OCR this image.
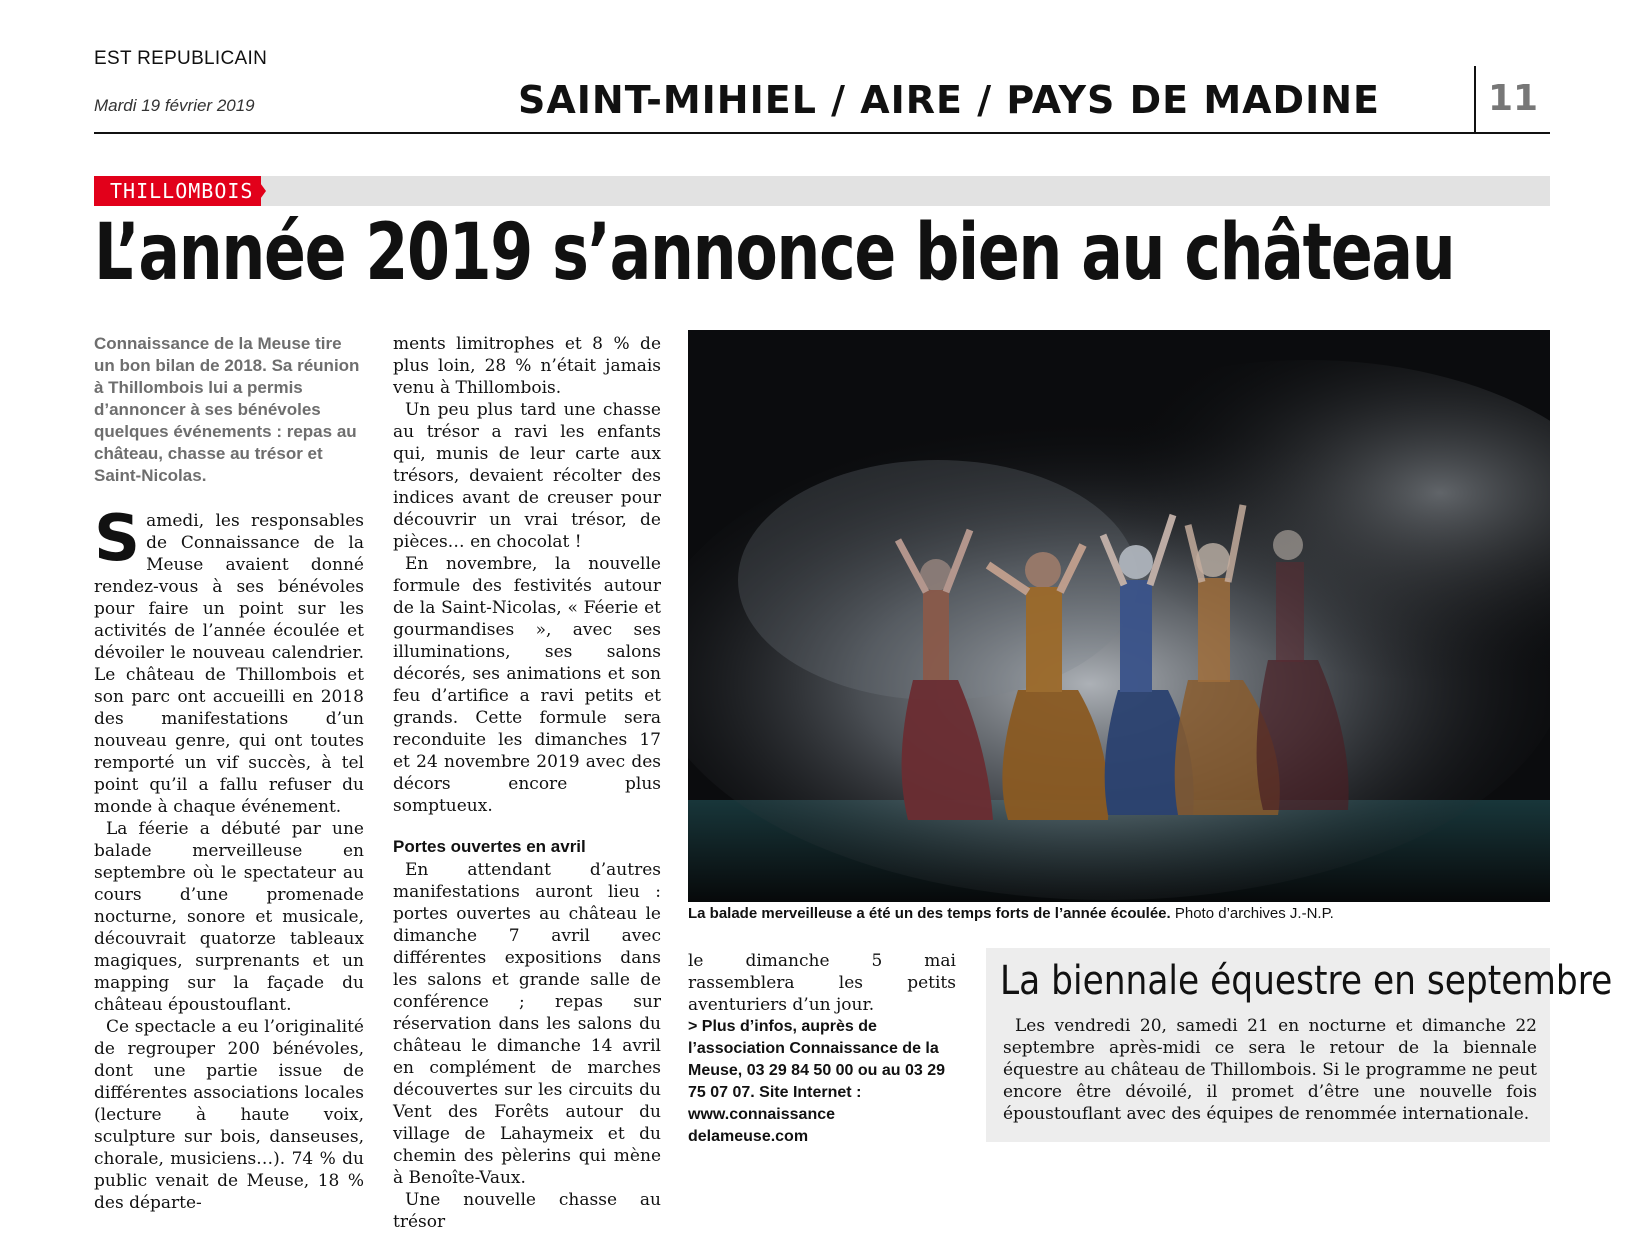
EST REPUBLICAIN
Mardi 19 février 2019	SAINT-MIHIEL / AIRE / PAYS DE MADINE	11
THILLOMBOIS
L’année 2019 s’annonce bien au château
Connaissance de la Meuse tire un bon bilan de 2018. Sa réunion à Thillombois lui a permis d’annoncer à ses bénévoles quelques événements : repas au château, chasse au trésor et Saint-Nicolas.

Samedi, les responsables de Connaissance de la Meuse avaient donné rendez-vous à ses bénévoles pour faire un point sur les activités de l’année écoulée et dévoiler le nouveau calendrier. Le château de Thillombois et son parc ont accueilli en 2018 des manifestations d’un nouveau genre, qui ont toutes remporté un vif succès, à tel point qu’il a fallu refuser du monde à chaque événement.

La féerie a débuté par une balade merveilleuse en septembre où le spectateur au cours d’une promenade nocturne, sonore et musicale, découvrait quatorze tableaux magiques, surprenants et un mapping sur la façade du château époustouflant.

Ce spectacle a eu l’originalité de regrouper 200 bénévoles, dont une partie issue de différentes associations locales (lecture à haute voix, sculpture sur bois, danseuses, chorale, musiciens…). 74 % du public venait de Meuse, 18 % des départe-

ments limitrophes et 8 % de plus loin, 28 % n’était jamais venu à Thillombois.

Un peu plus tard une chasse au trésor a ravi les enfants qui, munis de leur carte aux trésors, devaient récolter des indices avant de creuser pour découvrir un vrai trésor, de pièces… en chocolat !

En novembre, la nouvelle formule des festivités autour de la Saint-Nicolas, « Féerie et gourmandises », avec ses illuminations, ses salons décorés, ses animations et son feu d’artifice a ravi petits et grands. Cette formule sera reconduite les dimanches 17 et 24 novembre 2019 avec des décors encore plus somptueux.

Portes ouvertes en avril

En attendant d’autres manifestations auront lieu : portes ouvertes au château le dimanche 7 avril avec différentes expositions dans les salons et grande salle de conférence ; repas sur réservation dans les salons du château le dimanche 14 avril en complément de marches découvertes sur les circuits du Vent des Forêts autour du village de Lahaymeix et du chemin des pèlerins qui mène à Benoîte-Vaux.

Une nouvelle chasse au trésor

La balade merveilleuse a été un des temps forts de l’année écoulée. Photo d’archives J.-N.P.

le dimanche 5 mai rassemblera les petits aventuriers d’un jour.

> Plus d’infos, auprès de l’association Connaissance de la Meuse, 03 29 84 50 00 ou au 03 29 75 07 07. Site Internet : www.connaissance delameuse.com
La biennale équestre en septembre
Les vendredi 20, samedi 21 en nocturne et dimanche 22 septembre après-midi ce sera le retour de la biennale équestre au château de Thillombois. Si le programme ne peut encore être dévoilé, il promet d’être une nouvelle fois époustouflant avec des équipes de renommée internationale.
